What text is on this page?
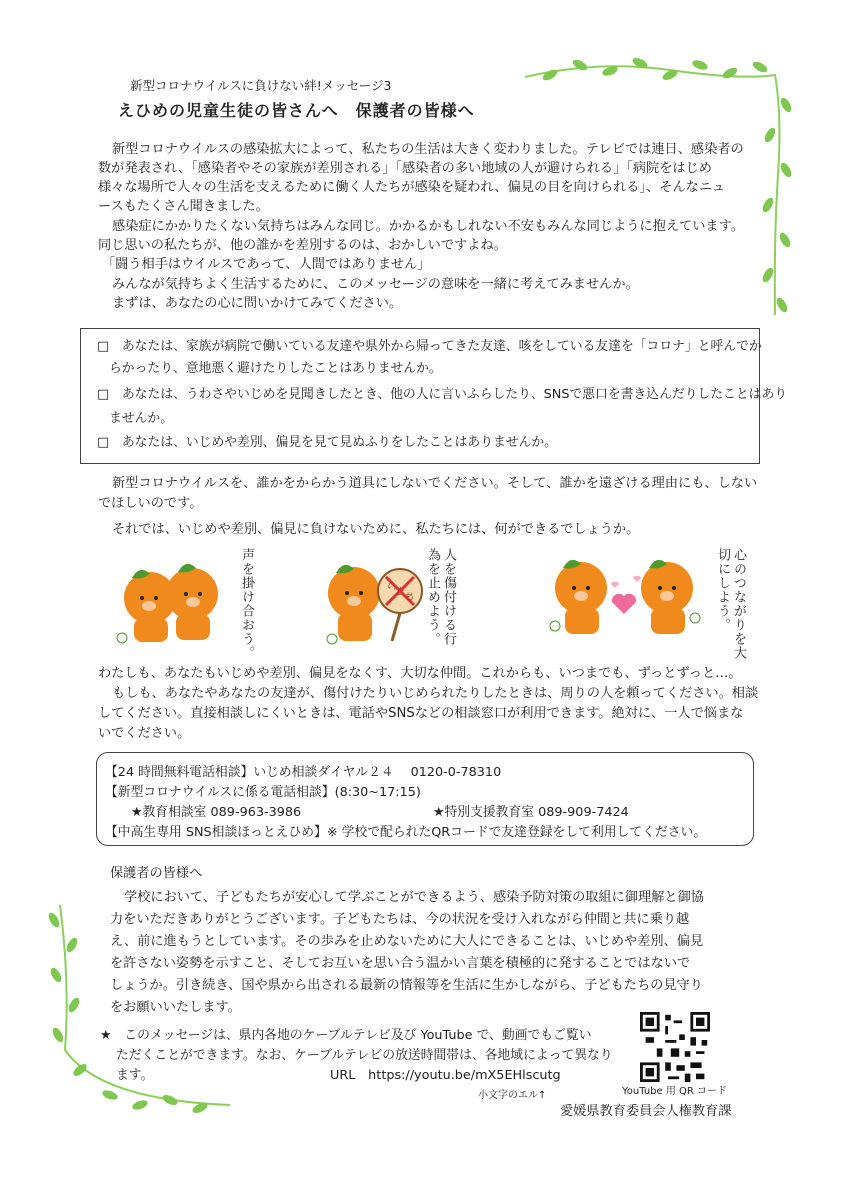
新型コロナウイルスに負けない絆!メッセージ3
えひめの児童生徒の皆さんへ　保護者の皆様へ
新型コロナウイルスの感染拡大によって、私たちの生活は大きく変わりました。テレビでは連日、感染者の
数が発表され、「感染者やその家族が差別される」「感染者の多い地域の人が避けられる」「病院をはじめ
様々な場所で人々の生活を支えるために働く人たちが感染を疑われ、偏見の目を向けられる」、そんなニュ
ースもたくさん聞きました。
感染症にかかりたくない気持ちはみんな同じ。かかるかもしれない不安もみんな同じように抱えています。
同じ思いの私たちが、他の誰かを差別するのは、おかしいですよね。
「闘う相手はウイルスであって、人間ではありません」
みんなが気持ちよく生活するために、このメッセージの意味を一緒に考えてみませんか。
まずは、あなたの心に問いかけてみてください。
□　あなたは、家族が病院で働いている友達や県外から帰ってきた友達、咳をしている友達を「コロナ」と呼んでか
らかったり、意地悪く避けたりしたことはありませんか。
□　あなたは、うわさやいじめを見聞きしたとき、他の人に言いふらしたり、SNSで悪口を書き込んだりしたことはあり
ませんか。
□　あなたは、いじめや差別、偏見を見て見ぬふりをしたことはありませんか。
新型コロナウイルスを、誰かをからかう道具にしないでください。そして、誰かを遠ざける理由にも、しない
でほしいのです。
それでは、いじめや差別、偏見に負けないために、私たちには、何ができるでしょうか。
声を掛け合おう。	いじめ	人を傷付ける行為を止めよう。	心のつながりを大切にしよう。
わたしも、あなたもいじめや差別、偏見をなくす、大切な仲間。これからも、いつまでも、ずっとずっと…。
もしも、あなたやあなたの友達が、傷付けたりいじめられたりしたときは、周りの人を頼ってください。相談
してください。直接相談しにくいときは、電話やSNSなどの相談窓口が利用できます。絶対に、一人で悩まな
いでください。
【24 時間無料電話相談】いじめ相談ダイヤル２４　 0120-0-78310
【新型コロナウイルスに係る電話相談】(8:30~17:15)
★教育相談室 089-963-3986	★特別支援教育室 089-909-7424
【中高生専用 SNS相談ほっとえひめ】※ 学校で配られたQRコードで友達登録をして利用してください。
保護者の皆様へ
学校において、子どもたちが安心して学ぶことができるよう、感染予防対策の取組に御理解と御協
力をいただきありがとうございます。子どもたちは、今の状況を受け入れながら仲間と共に乗り越
え、前に進もうとしています。その歩みを止めないために大人にできることは、いじめや差別、偏見
を許さない姿勢を示すこと、そしてお互いを思い合う温かい言葉を積極的に発することではないで
しょうか。引き続き、国や県から出される最新の情報等を生活に生かしながら、子どもたちの見守り
をお願いいたします。
★　このメッセージは、県内各地のケーブルテレビ及び YouTube で、動画でもご覧い
ただくことができます。なお、ケーブルテレビの放送時間帯は、各地域によって異なり
ます。	URL　https://youtu.be/mX5EHlscutg
小文字のエル↑	YouTube 用 QR コード
愛媛県教育委員会人権教育課
